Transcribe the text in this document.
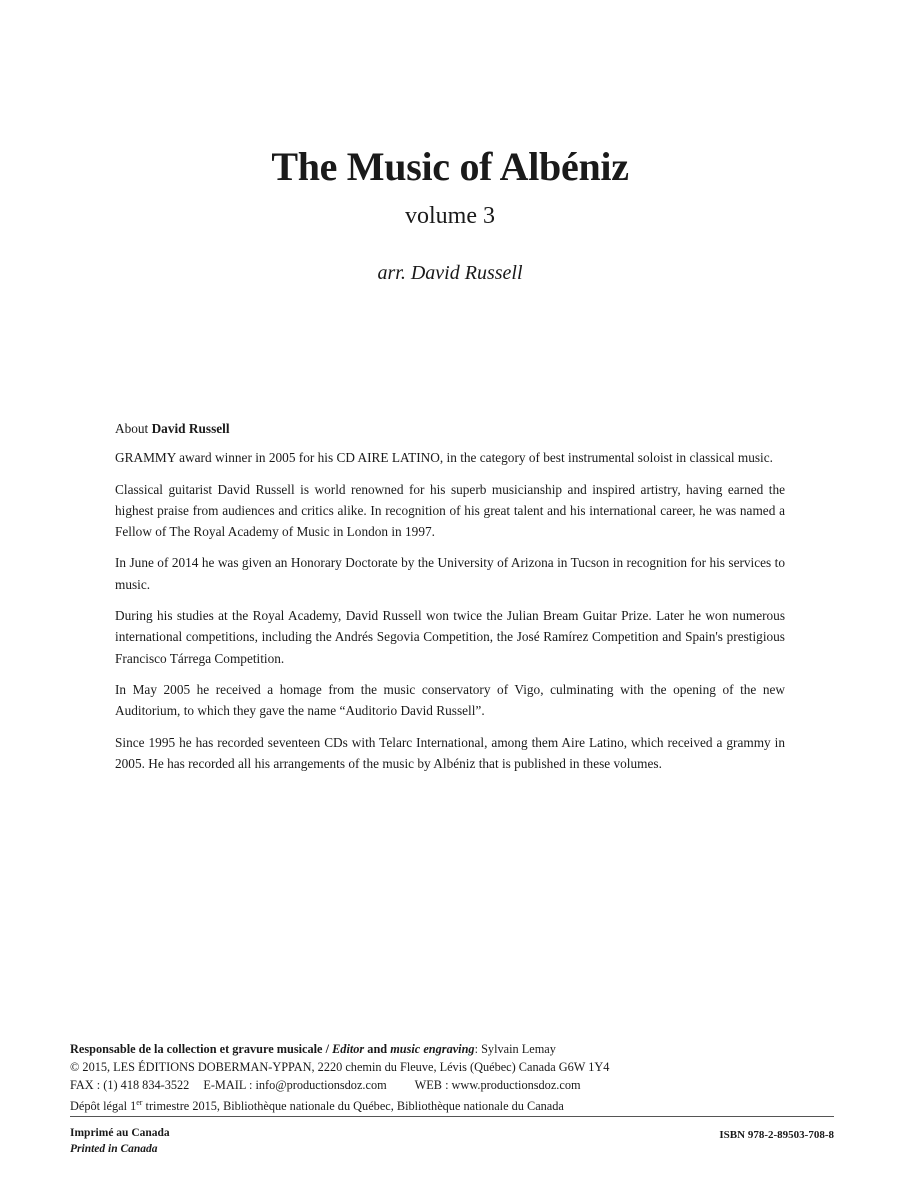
The Music of Albéniz
volume 3
arr. David Russell

About David Russell

GRAMMY award winner in 2005 for his CD AIRE LATINO, in the category of best instrumental soloist in classical music.

Classical guitarist David Russell is world renowned for his superb musicianship and inspired artistry, having earned the highest praise from audiences and critics alike. In recognition of his great talent and his international career, he was named a Fellow of The Royal Academy of Music in London in 1997.

In June of 2014 he was given an Honorary Doctorate by the University of Arizona in Tucson in recognition for his services to music.

During his studies at the Royal Academy, David Russell won twice the Julian Bream Guitar Prize. Later he won numerous international competitions, including the Andrés Segovia Competition, the José Ramírez Competition and Spain's prestigious Francisco Tárrega Competition.

In May 2005 he received a homage from the music conservatory of Vigo, culminating with the opening of the new Auditorium, to which they gave the name “Auditorio David Russell”.

Since 1995 he has recorded seventeen CDs with Telarc International, among them Aire Latino, which received a grammy in 2005. He has recorded all his arrangements of the music by Albéniz that is published in these volumes.

Responsable de la collection et gravure musicale / Editor and music engraving: Sylvain Lemay
© 2015, LES ÉDITIONS DOBERMAN-YPPAN, 2220 chemin du Fleuve, Lévis (Québec) Canada G6W 1Y4
FAX : (1) 418 834-3522 E-MAIL : info@productionsdoz.com WEB : www.productionsdoz.com
Dépôt légal 1er trimestre 2015, Bibliothèque nationale du Québec, Bibliothèque nationale du Canada
Imprimé au Canada
Printed in Canada
ISBN 978-2-89503-708-8
